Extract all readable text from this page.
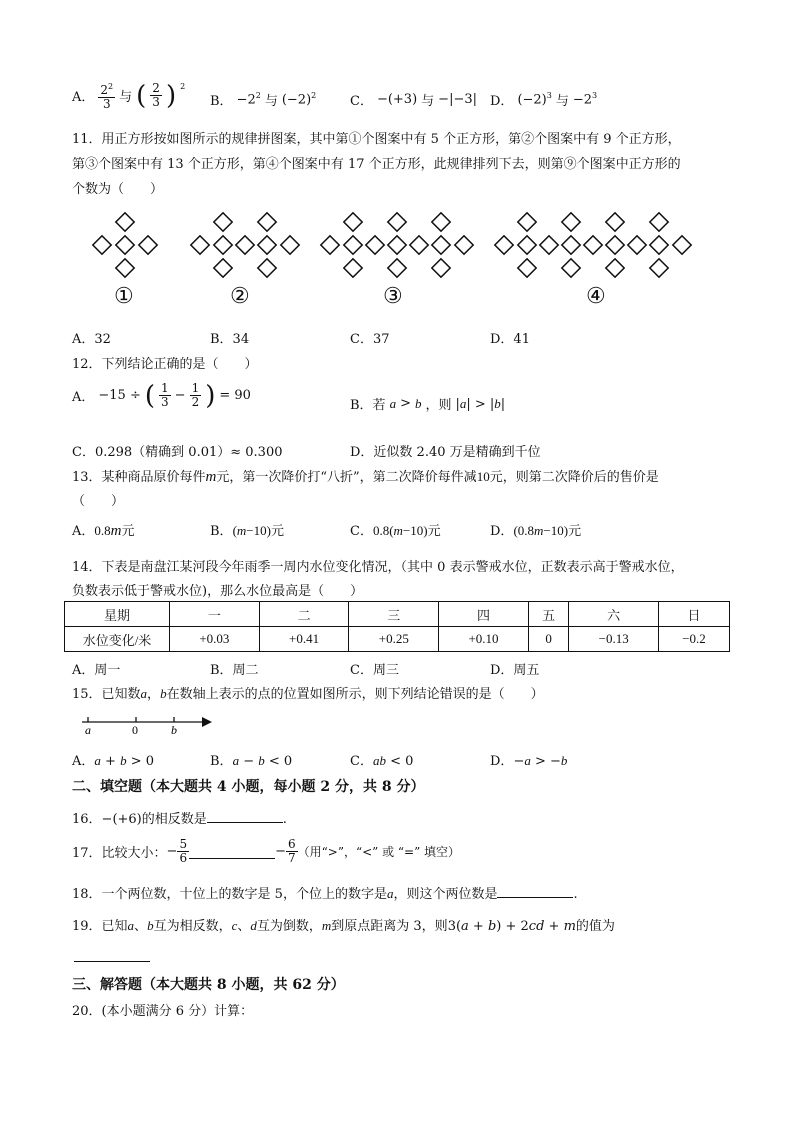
A． $\frac{2^2}{3}$ 与 ( $\frac{2}{3}$ ) $^2$
B． $-2^2$ 与 $(-2)^2$	C． −(+3) 与 −|−3| D． $(-2)^3$ 与 $-2^3$
11．用正方形按如图所示的规律拼图案，其中第①个图案中有 5 个正方形，第②个图案中有 9 个正方形，
第③个图案中有 13 个正方形，第④个图案中有 17 个正方形，此规律排列下去，则第⑨个图案中正方形的
个数为（　　）
①	②	③	④
A．32	B．34	C．37	D．41
12．下列结论正确的是（　　）
A． −15 ÷ ( $\frac{1}{3} - \frac{1}{2}$ ) = 90
B．若 a > b ，则 |a| > |b|
C．0.298（精确到 0.01）≈ 0.300	D．近似数 2.40 万是精确到千位
13．某种商品原价每件m元，第一次降价打“八折”，第二次降价每件减10元，则第二次降价后的售价是
（　　）
A．0.8m元	B．(m−10)元	C．0.8(m−10)元	D．(0.8m−10)元
14．下表是南盘江某河段今年雨季一周内水位变化情况，（其中 0 表示警戒水位，正数表示高于警戒水位，
负数表示低于警戒水位)，那么水位最高是（　　）
星期	一	二	三	四	五	六	日
水位变化/米	+0.03	+0.41	+0.25	+0.10	0	−0.13	−0.2
A．周一	B．周二	C．周三	D．周五
15．已知数a，b在数轴上表示的点的位置如图所示，则下列结论错误的是（　　）
a	0	b
A．a + b > 0	B．a − b < 0	C．ab < 0	D．−a > −b
二、填空题（本大题共 4 小题，每小题 2 分，共 8 分）
16．−(+6)的相反数是	.
17．比较大小： − $\frac{5}{6}$	− $\frac{6}{7}$ （用“>”，“<” 或 “=” 填空）
18．一个两位数，十位上的数字是 5，个位上的数字是a，则这个两位数是	.
19．已知a、b互为相反数，c、d互为倒数，m到原点距离为 3，则3(a + b) + 2cd + m的值为
三、解答题（本大题共 8 小题，共 62 分）
20．(本小题满分 6 分）计算：
